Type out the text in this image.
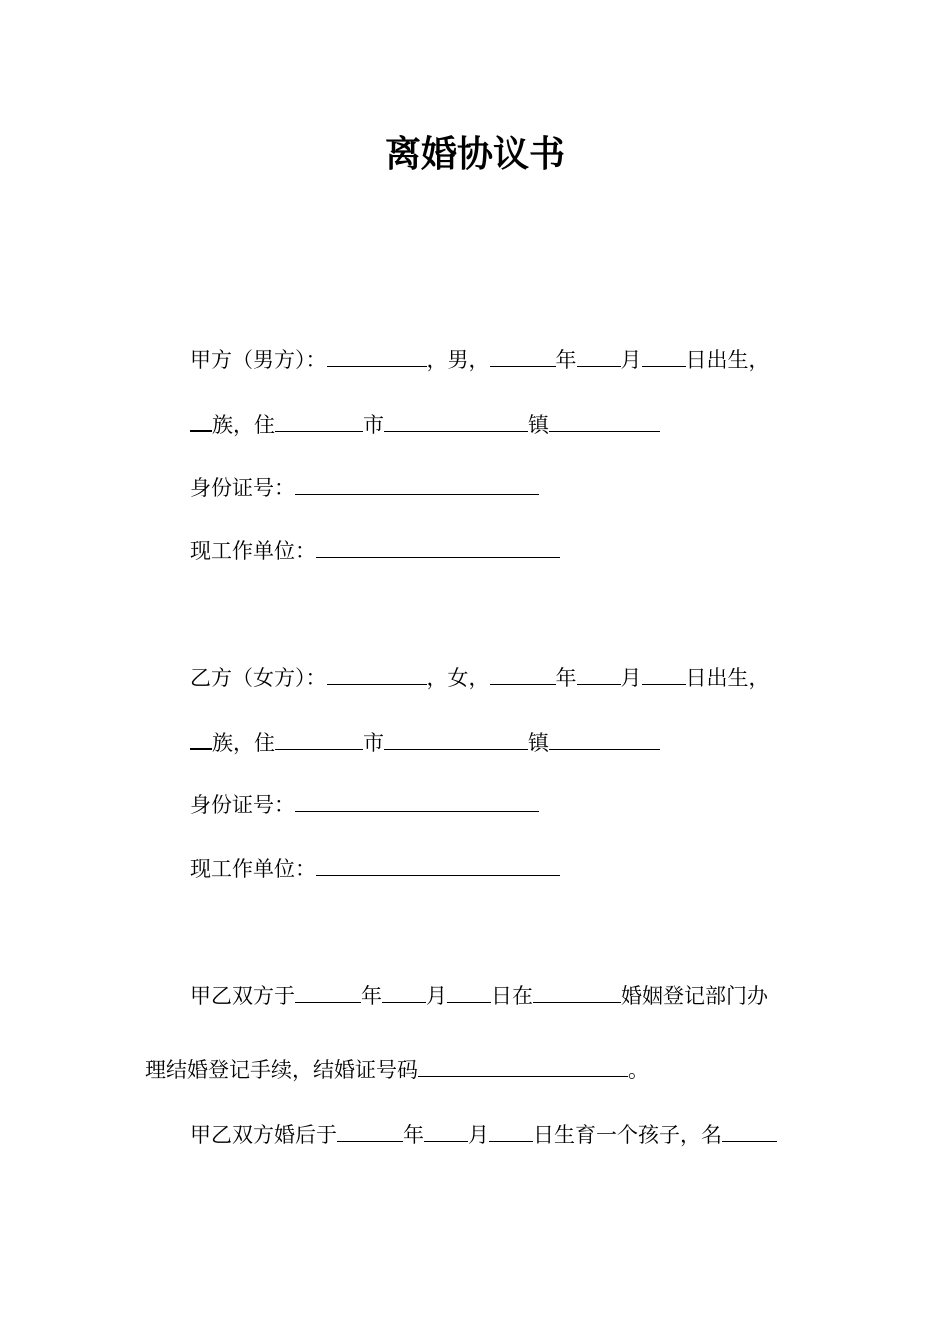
离婚协议书
甲方（男方）：	，男，	年 月 日出生，
族，住	市	镇
身份证号：
现工作单位：
乙方（女方）：	，女，	年 月 日出生，
族，住	市	镇
身份证号：
现工作单位：
甲乙双方于	年 月 日在	婚姻登记部门办
理结婚登记手续，结婚证号码	。
甲乙双方婚后于	年 月 日生育一个孩子，名
